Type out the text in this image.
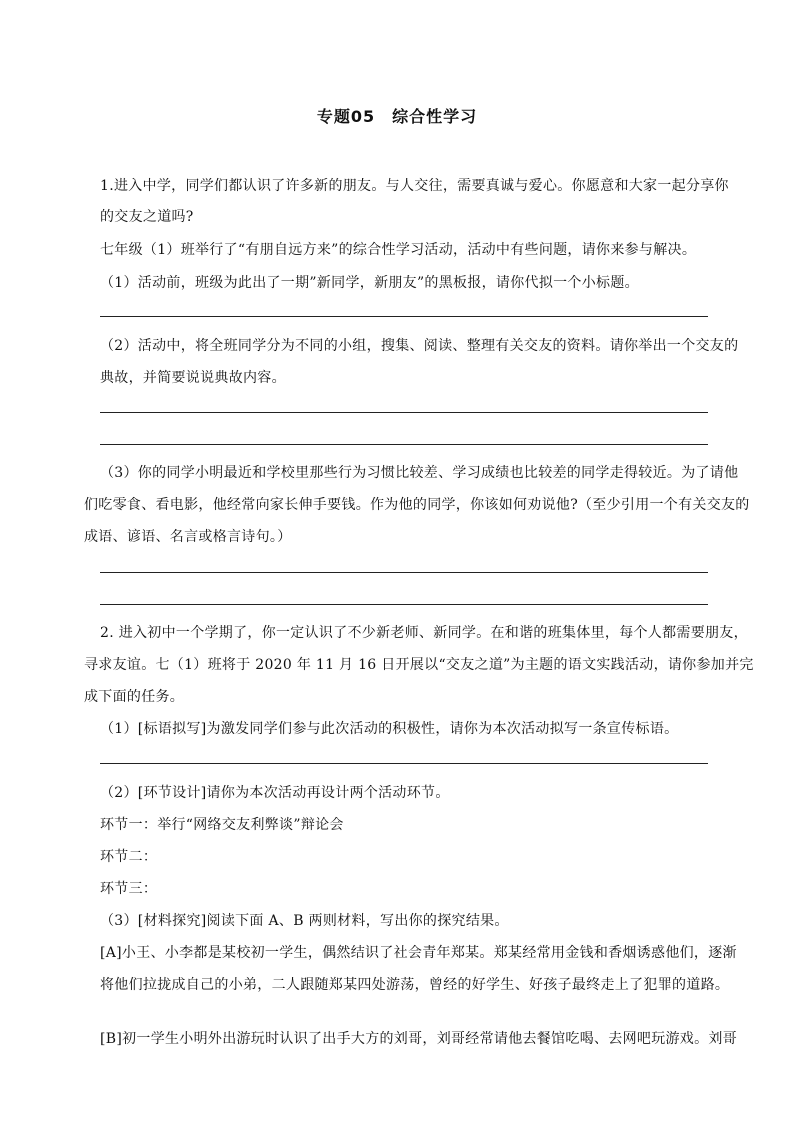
专题05　综合性学习
1.进入中学，同学们都认识了许多新的朋友。与人交往，需要真诚与爱心。你愿意和大家一起分享你
的交友之道吗?
七年级（1）班举行了“有朋自远方来”的综合性学习活动，活动中有些问题，请你来参与解决。
（1）活动前，班级为此出了一期”新同学，新朋友”的黑板报，请你代拟一个小标题。
（2）活动中，将全班同学分为不同的小组，搜集、阅读、整理有关交友的资料。请你举出一个交友的
典故，并简要说说典故内容。
（3）你的同学小明最近和学校里那些行为习惯比较差、学习成绩也比较差的同学走得较近。为了请他
们吃零食、看电影，他经常向家长伸手要钱。作为他的同学，你该如何劝说他?（至少引用一个有关交友的
成语、谚语、名言或格言诗句。）
2. 进入初中一个学期了，你一定认识了不少新老师、新同学。在和谐的班集体里，每个人都需要朋友，
寻求友谊。七（1）班将于 2020 年 11 月 16 日开展以“交友之道”为主题的语文实践活动，请你参加并完
成下面的任务。
（1）[标语拟写]为激发同学们参与此次活动的积极性，请你为本次活动拟写一条宣传标语。
（2）[环节设计]请你为本次活动再设计两个活动环节。
环节一：举行“网络交友利弊谈”辩论会
环节二：
环节三：
（3）[材料探究]阅读下面 A、B 两则材料，写出你的探究结果。
[A]小王、小李都是某校初一学生，偶然结识了社会青年郑某。郑某经常用金钱和香烟诱惑他们，逐渐
将他们拉拢成自己的小弟，二人跟随郑某四处游荡，曾经的好学生、好孩子最终走上了犯罪的道路。
[B]初一学生小明外出游玩时认识了出手大方的刘哥，刘哥经常请他去餐馆吃喝、去网吧玩游戏。刘哥
